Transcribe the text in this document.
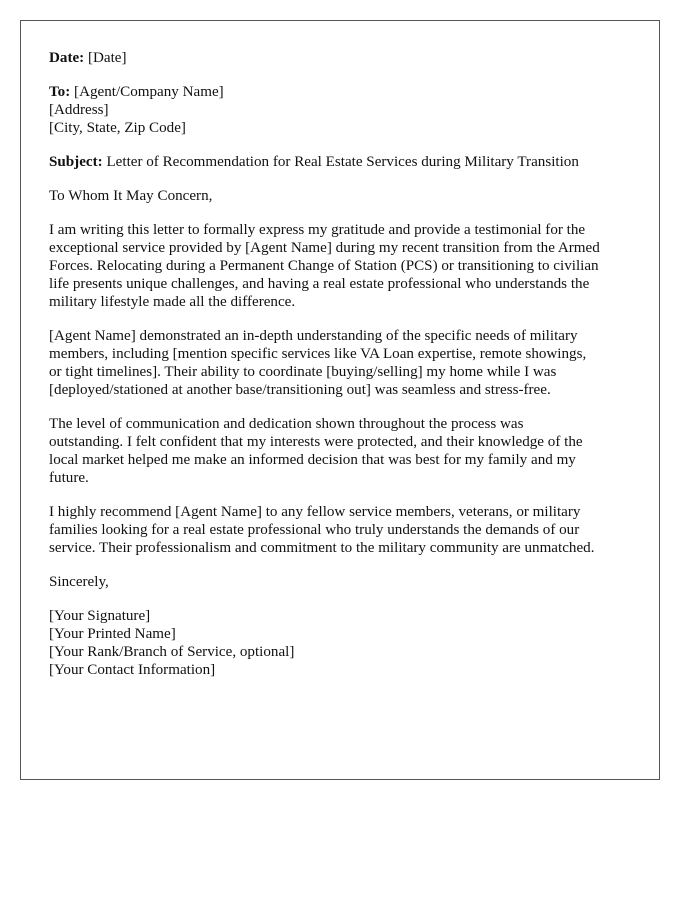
Date: [Date]
To: [Agent/Company Name]
[Address]
[City, State, Zip Code]
Subject: Letter of Recommendation for Real Estate Services during Military Transition
To Whom It May Concern,

I am writing this letter to formally express my gratitude and provide a testimonial for the
exceptional service provided by [Agent Name] during my recent transition from the Armed
Forces. Relocating during a Permanent Change of Station (PCS) or transitioning to civilian
life presents unique challenges, and having a real estate professional who understands the
military lifestyle made all the difference.

[Agent Name] demonstrated an in-depth understanding of the specific needs of military
members, including [mention specific services like VA Loan expertise, remote showings,
or tight timelines]. Their ability to coordinate [buying/selling] my home while I was
[deployed/stationed at another base/transitioning out] was seamless and stress-free.

The level of communication and dedication shown throughout the process was
outstanding. I felt confident that my interests were protected, and their knowledge of the
local market helped me make an informed decision that was best for my family and my
future.

I highly recommend [Agent Name] to any fellow service members, veterans, or military
families looking for a real estate professional who truly understands the demands of our
service. Their professionalism and commitment to the military community are unmatched.

Sincerely,
[Your Signature]
[Your Printed Name]
[Your Rank/Branch of Service, optional]
[Your Contact Information]
